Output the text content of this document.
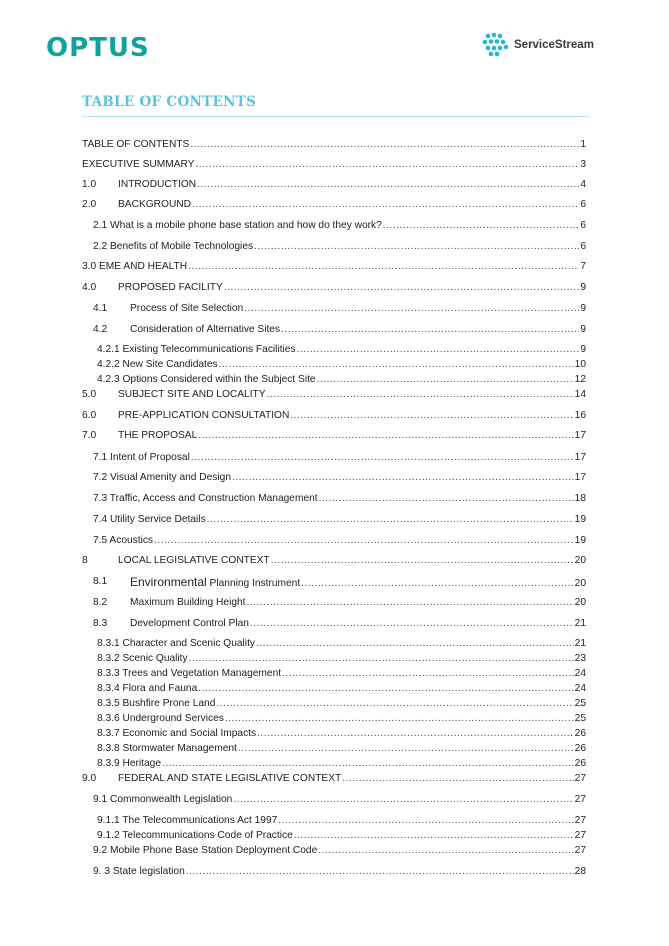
OPTUS	ServiceStream
TABLE OF CONTENTS
TABLE OF CONTENTS .....	1
EXECUTIVE SUMMARY .....	3
1.0 INTRODUCTION .....	4
2.0 BACKGROUND .....	6
2.1 What is a mobile phone base station and how do they work? .....	6
2.2 Benefits of Mobile Technologies .....	6
3.0 EME AND HEALTH .....	7
4.0 PROPOSED FACILITY .....	9
4.1 Process of Site Selection .....	9
4.2 Consideration of Alternative Sites .....	9
4.2.1 Existing Telecommunications Facilities .....	9
4.2.2 New Site Candidates .....	10
4.2.3 Options Considered within the Subject Site .....	12
5.0 SUBJECT SITE AND LOCALITY .....	14
6.0 PRE-APPLICATION CONSULTATION .....	16
7.0 THE PROPOSAL .....	17
7.1 Intent of Proposal .....	17
7.2 Visual Amenity and Design .....	17
7.3 Traffic, Access and Construction Management .....	18
7.4 Utility Service Details .....	19
7.5 Acoustics .....	19
8	LOCAL LEGISLATIVE CONTEXT .....	20
8.1 Environmental Planning Instrument .....	20
8.2 Maximum Building Height .....	20
8.3 Development Control Plan .....	21
8.3.1 Character and Scenic Quality .....	21
8.3.2 Scenic Quality .....	23
8.3.3 Trees and Vegetation Management .....	24
8.3.4 Flora and Fauna .....	24
8.3.5 Bushfire Prone Land .....	25
8.3.6 Underground Services .....	25
8.3.7 Economic and Social Impacts .....	26
8.3.8 Stormwater Management .....	26
8.3.9 Heritage .....	26
9.0 FEDERAL AND STATE LEGISLATIVE CONTEXT .....	27
9.1 Commonwealth Legislation .....	27
9.1.1 The Telecommunications Act 1997 .....	27
9.1.2 Telecommunications Code of Practice .....	27
9.2 Mobile Phone Base Station Deployment Code .....	27
9. 3 State legislation .....	28
